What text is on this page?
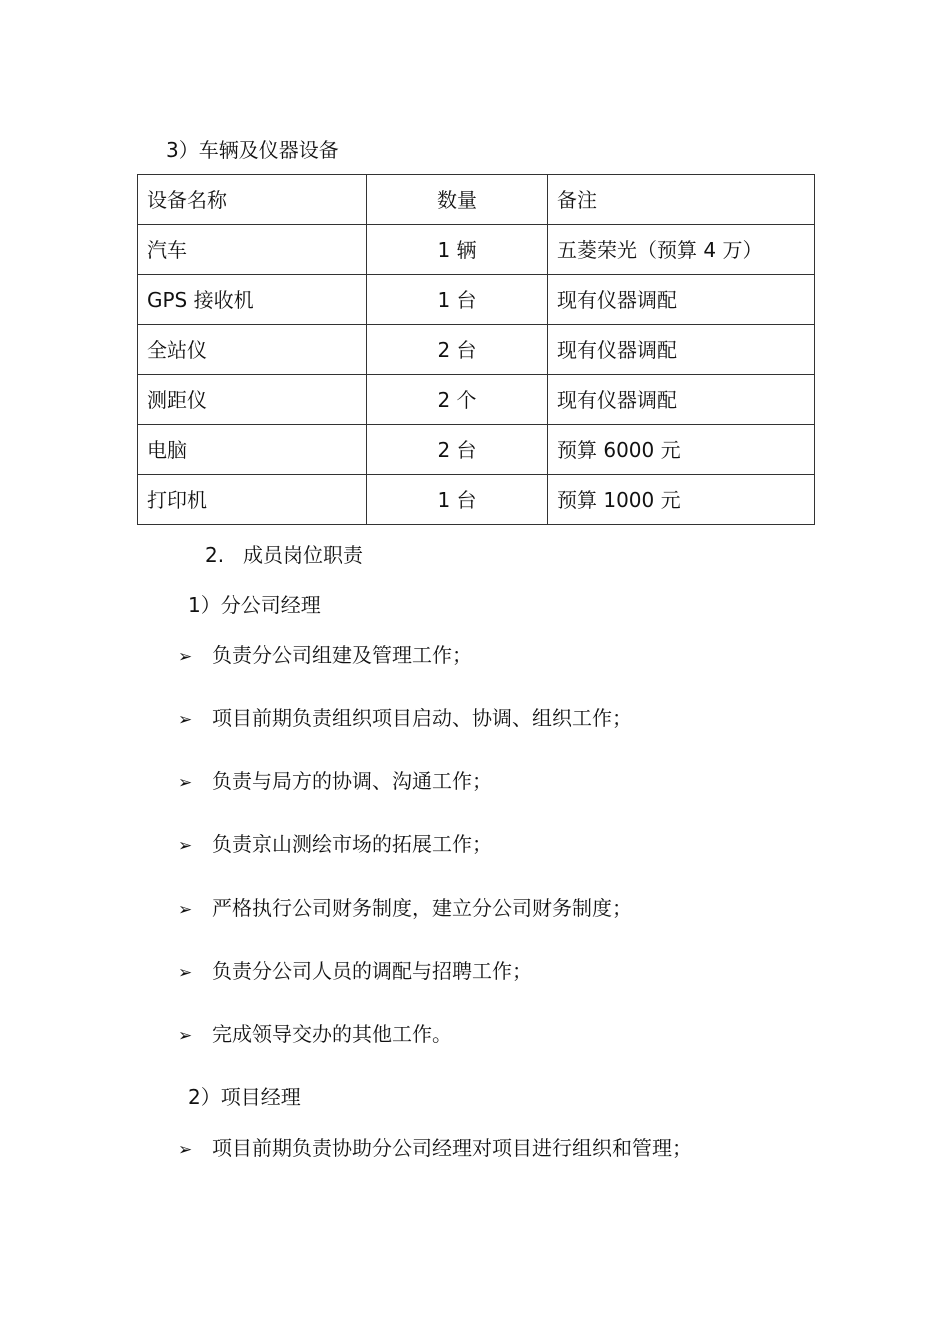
3）车辆及仪器设备
设备名称	数量	备注
汽车	1 辆	五菱荣光（预算 4 万）
GPS 接收机	1 台	现有仪器调配
全站仪	2 台	现有仪器调配
测距仪	2 个	现有仪器调配
电脑	2 台	预算 6000 元
打印机	1 台	预算 1000 元
2. 成员岗位职责
1）分公司经理
➢ 负责分公司组建及管理工作；
➢ 项目前期负责组织项目启动、协调、组织工作；
➢ 负责与局方的协调、沟通工作；
➢ 负责京山测绘市场的拓展工作；
➢ 严格执行公司财务制度，建立分公司财务制度；
➢ 负责分公司人员的调配与招聘工作；
➢ 完成领导交办的其他工作。
2）项目经理
➢ 项目前期负责协助分公司经理对项目进行组织和管理；
